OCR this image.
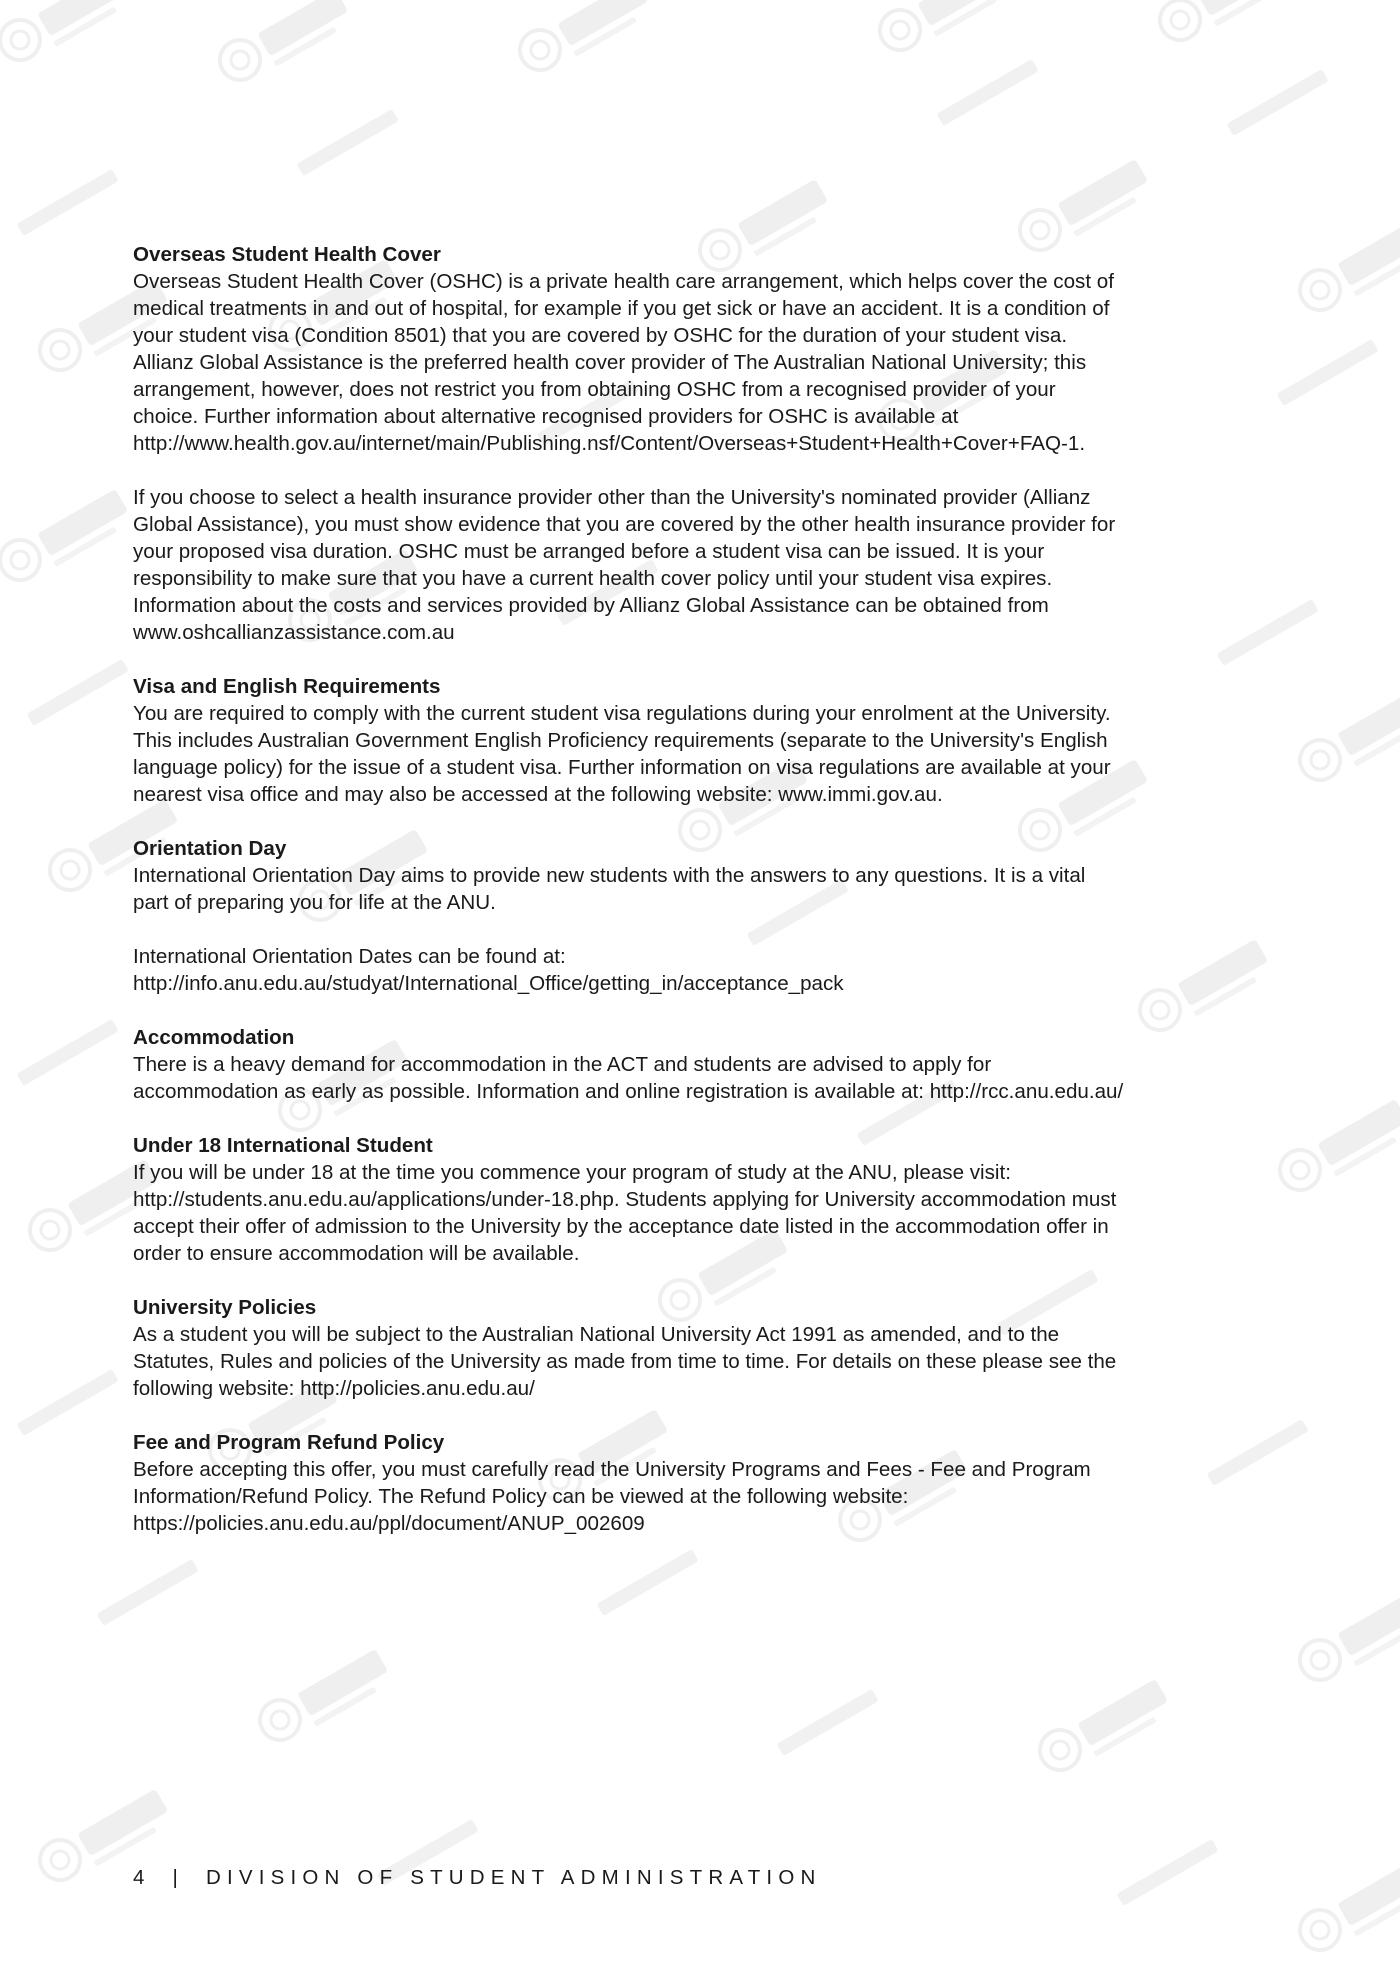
Overseas Student Health Cover
Overseas Student Health Cover (OSHC) is a private health care arrangement, which helps cover the cost of
medical treatments in and out of hospital, for example if you get sick or have an accident. It is a condition of
your student visa (Condition 8501) that you are covered by OSHC for the duration of your student visa.
Allianz Global Assistance is the preferred health cover provider of The Australian National University; this
arrangement, however, does not restrict you from obtaining OSHC from a recognised provider of your
choice. Further information about alternative recognised providers for OSHC is available at
http://www.health.gov.au/internet/main/Publishing.nsf/Content/Overseas+Student+Health+Cover+FAQ-1.
If you choose to select a health insurance provider other than the University's nominated provider (Allianz
Global Assistance), you must show evidence that you are covered by the other health insurance provider for
your proposed visa duration. OSHC must be arranged before a student visa can be issued. It is your
responsibility to make sure that you have a current health cover policy until your student visa expires.
Information about the costs and services provided by Allianz Global Assistance can be obtained from
www.oshcallianzassistance.com.au
Visa and English Requirements
You are required to comply with the current student visa regulations during your enrolment at the University.
This includes Australian Government English Proficiency requirements (separate to the University's English
language policy) for the issue of a student visa. Further information on visa regulations are available at your
nearest visa office and may also be accessed at the following website: www.immi.gov.au.
Orientation Day
International Orientation Day aims to provide new students with the answers to any questions. It is a vital
part of preparing you for life at the ANU.
International Orientation Dates can be found at:
http://info.anu.edu.au/studyat/International_Office/getting_in/acceptance_pack
Accommodation
There is a heavy demand for accommodation in the ACT and students are advised to apply for
accommodation as early as possible. Information and online registration is available at: http://rcc.anu.edu.au/
Under 18 International Student
If you will be under 18 at the time you commence your program of study at the ANU, please visit:
http://students.anu.edu.au/applications/under-18.php. Students applying for University accommodation must
accept their offer of admission to the University by the acceptance date listed in the accommodation offer in
order to ensure accommodation will be available.
University Policies
As a student you will be subject to the Australian National University Act 1991 as amended, and to the
Statutes, Rules and policies of the University as made from time to time. For details on these please see the
following website: http://policies.anu.edu.au/
Fee and Program Refund Policy
Before accepting this offer, you must carefully read the University Programs and Fees - Fee and Program
Information/Refund Policy. The Refund Policy can be viewed at the following website:
https://policies.anu.edu.au/ppl/document/ANUP_002609
4 | DIVISION OF STUDENT ADMINISTRATION
